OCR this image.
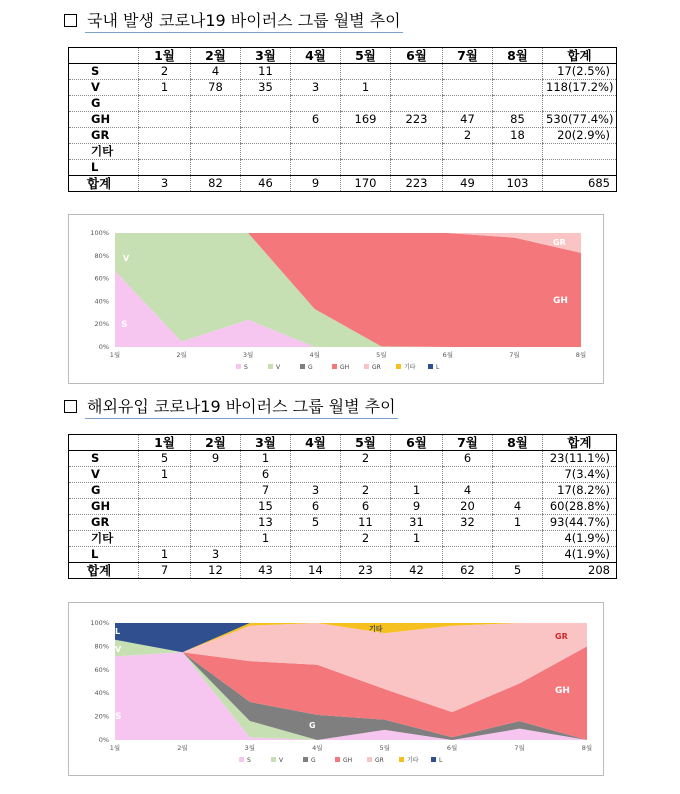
국내 발생 코로나19 바이러스 그룹 월별 추이
	1월	2월	3월	4월	5월	6월	7월	8월	합계
S	2	4	11						17(2.5%)
V	1	78	35	3	1				118(17.2%)
G									
GH				6	169	223	47	85	530(77.4%)
GR							2	18	20(2.9%)
기타									
L									
합계	3	82	46	9	170	223	49	103	685
0%
20%
40%
60%
80%
100%
1월	2월	3월	4월	5월	6월	7월	8월
S	V	G	GH	GR	기타	L
V
S
GR
GH
해외유입 코로나19 바이러스 그룹 월별 추이
	1월	2월	3월	4월	5월	6월	7월	8월	합계
S	5	9	1		2		6		23(11.1%)
V	1		6						7(3.4%)
G			7	3	2	1	4		17(8.2%)
GH			15	6	6	9	20	4	60(28.8%)
GR			13	5	11	31	32	1	93(44.7%)
기타			1		2	1			4(1.9%)
L	1	3							4(1.9%)
합계	7	12	43	14	23	42	62	5	208
0%
20%
40%
60%
80%
100%
1월	2월	3월	4월	5월	6월	7월	8월
S	V	G	GH	GR	기타	L
L
V
S
G
기타
GR
GH
